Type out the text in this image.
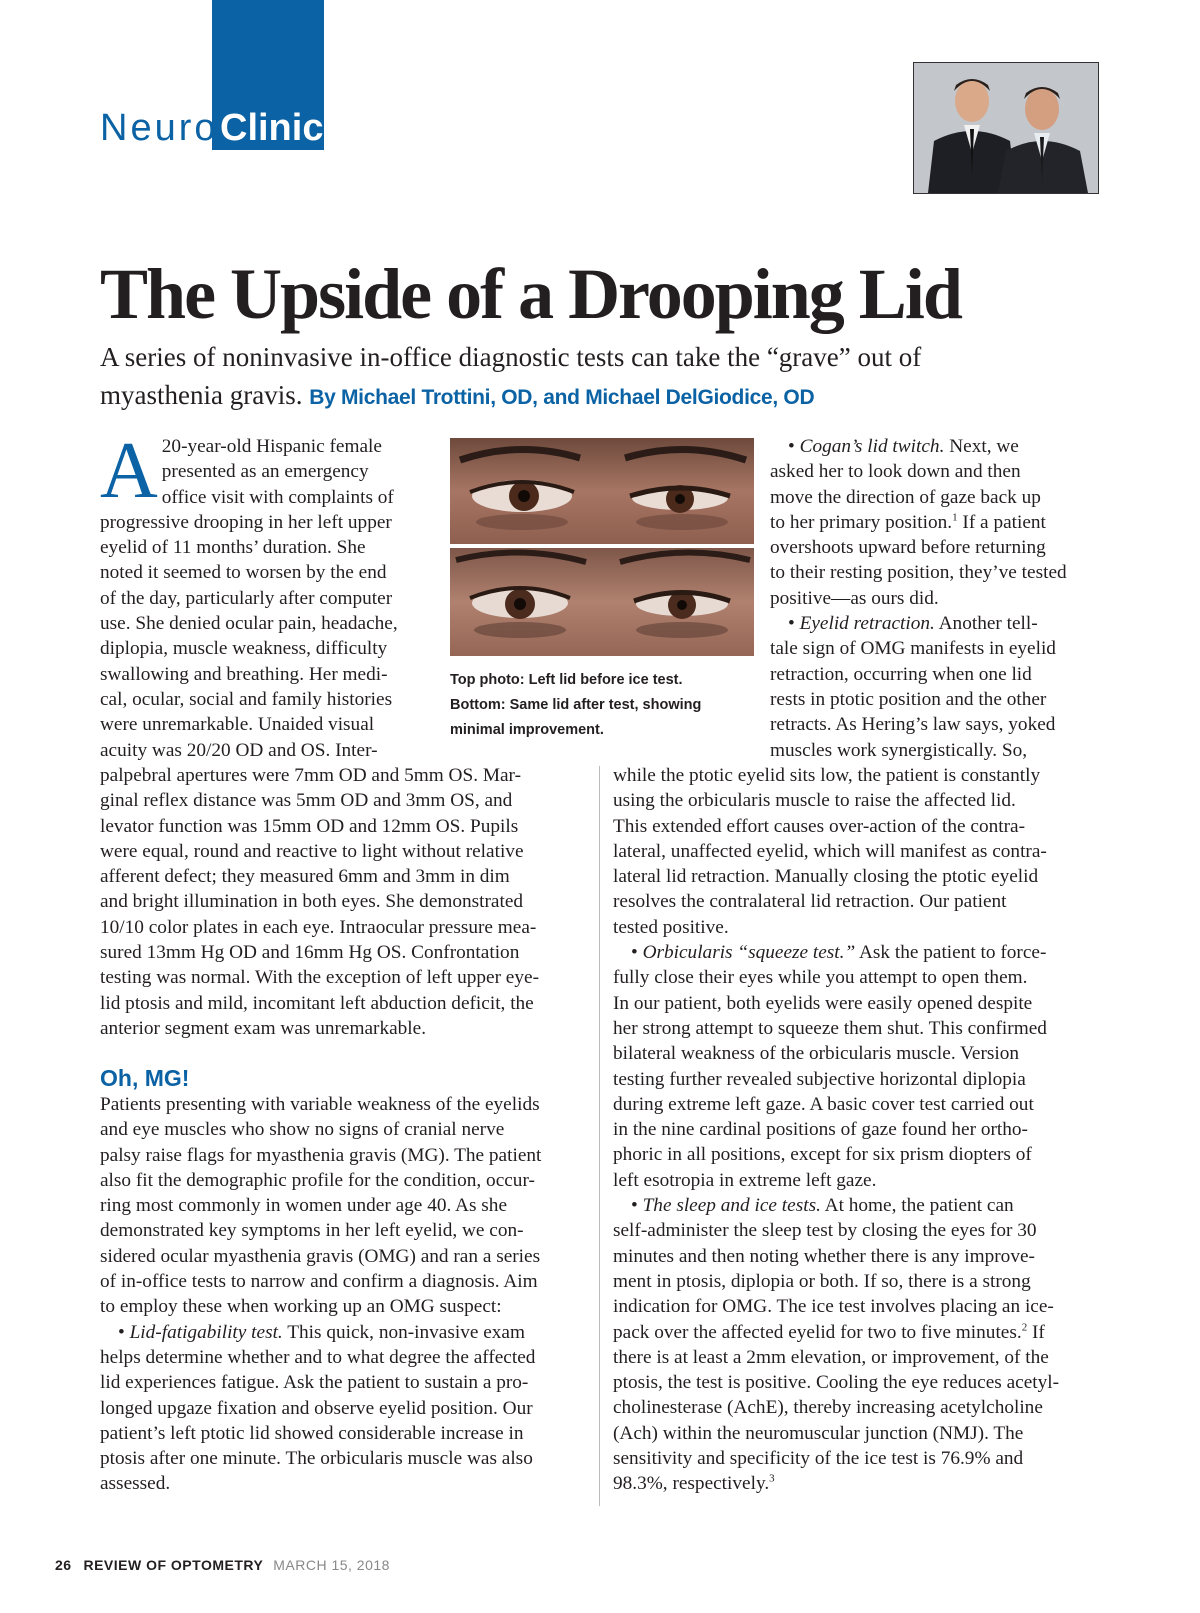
Neuro Clinic
The Upside of a Drooping Lid
A series of noninvasive in-office diagnostic tests can take the “grave” out of
myasthenia gravis. By Michael Trottini, OD, and Michael DelGiodice, OD
A 20-year-old Hispanic female
presented as an emergency
office visit with complaints of
progressive drooping in her left upper
eyelid of 11 months’ duration. She
noted it seemed to worsen by the end
of the day, particularly after computer
use. She denied ocular pain, headache,
diplopia, muscle weakness, difficulty
swallowing and breathing. Her medi-
cal, ocular, social and family histories
were unremarkable. Unaided visual
acuity was 20/20 OD and OS. Inter-
palpebral apertures were 7mm OD and 5mm OS. Mar-
ginal reflex distance was 5mm OD and 3mm OS, and
levator function was 15mm OD and 12mm OS. Pupils
were equal, round and reactive to light without relative
afferent defect; they measured 6mm and 3mm in dim
and bright illumination in both eyes. She demonstrated
10/10 color plates in each eye. Intraocular pressure mea-
sured 13mm Hg OD and 16mm Hg OS. Confrontation
testing was normal. With the exception of left upper eye-
lid ptosis and mild, incomitant left abduction deficit, the
anterior segment exam was unremarkable.
Oh, MG!
Patients presenting with variable weakness of the eyelids
and eye muscles who show no signs of cranial nerve
palsy raise flags for myasthenia gravis (MG). The patient
also fit the demographic profile for the condition, occur-
ring most commonly in women under age 40. As she
demonstrated key symptoms in her left eyelid, we con-
sidered ocular myasthenia gravis (OMG) and ran a series
of in-office tests to narrow and confirm a diagnosis. Aim
to employ these when working up an OMG suspect:
• Lid-fatigability test. This quick, non-invasive exam
helps determine whether and to what degree the affected
lid experiences fatigue. Ask the patient to sustain a pro-
longed upgaze fixation and observe eyelid position. Our
patient’s left ptotic lid showed considerable increase in
ptosis after one minute. The orbicularis muscle was also
assessed.
Top photo: Left lid before ice test.
Bottom: Same lid after test, showing
minimal improvement.
• Cogan’s lid twitch. Next, we
asked her to look down and then
move the direction of gaze back up
to her primary position.$^1$ If a patient
overshoots upward before returning
to their resting position, they’ve tested
positive—as ours did.
• Eyelid retraction. Another tell-
tale sign of OMG manifests in eyelid
retraction, occurring when one lid
rests in ptotic position and the other
retracts. As Hering’s law says, yoked
muscles work synergistically. So,
while the ptotic eyelid sits low, the patient is constantly
using the orbicularis muscle to raise the affected lid.
This extended effort causes over-action of the contra-
lateral, unaffected eyelid, which will manifest as contra-
lateral lid retraction. Manually closing the ptotic eyelid
resolves the contralateral lid retraction. Our patient
tested positive.
• Orbicularis “squeeze test.” Ask the patient to force-
fully close their eyes while you attempt to open them.
In our patient, both eyelids were easily opened despite
her strong attempt to squeeze them shut. This confirmed
bilateral weakness of the orbicularis muscle. Version
testing further revealed subjective horizontal diplopia
during extreme left gaze. A basic cover test carried out
in the nine cardinal positions of gaze found her ortho-
phoric in all positions, except for six prism diopters of
left esotropia in extreme left gaze.
• The sleep and ice tests. At home, the patient can
self-administer the sleep test by closing the eyes for 30
minutes and then noting whether there is any improve-
ment in ptosis, diplopia or both. If so, there is a strong
indication for OMG. The ice test involves placing an ice-
pack over the affected eyelid for two to five minutes.$^2$ If
there is at least a 2mm elevation, or improvement, of the
ptosis, the test is positive. Cooling the eye reduces acetyl-
cholinesterase (AchE), thereby increasing acetylcholine
(Ach) within the neuromuscular junction (NMJ). The
sensitivity and specificity of the ice test is 76.9% and
98.3%, respectively.$^3$
26 REVIEW OF OPTOMETRY MARCH 15, 2018
